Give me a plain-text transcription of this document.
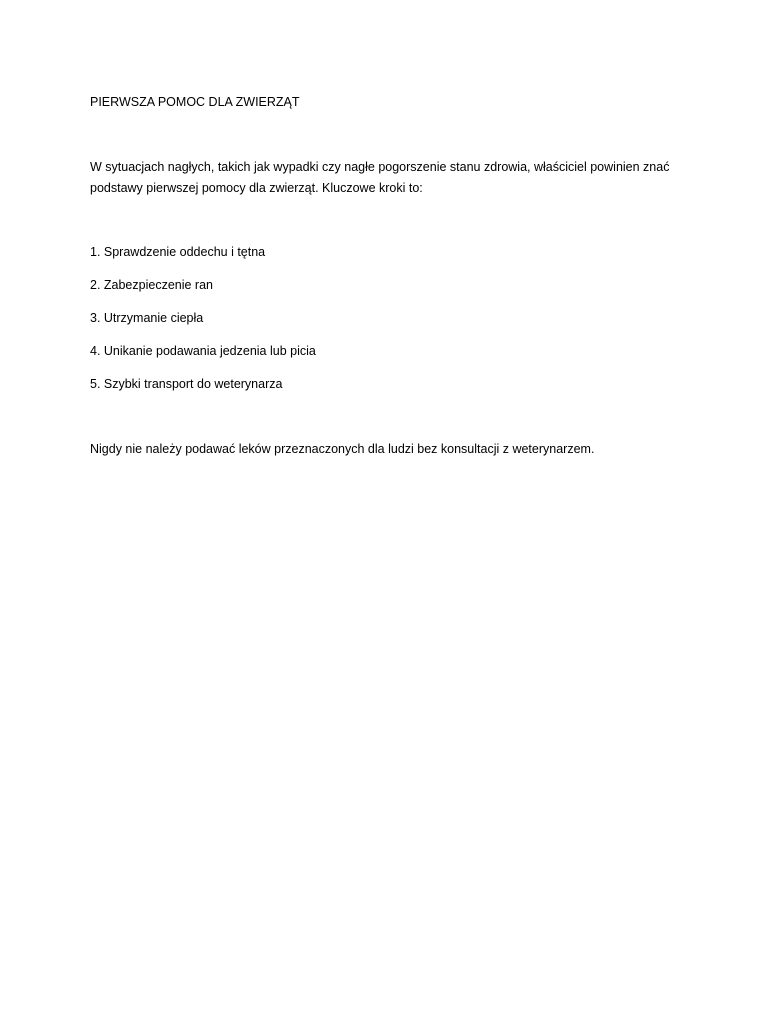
PIERWSZA POMOC DLA ZWIERZĄT

W sytuacjach nagłych, takich jak wypadki czy nagłe pogorszenie stanu zdrowia, właściciel powinien znać

podstawy pierwszej pomocy dla zwierząt. Kluczowe kroki to:

1. Sprawdzenie oddechu i tętna

2. Zabezpieczenie ran

3. Utrzymanie ciepła

4. Unikanie podawania jedzenia lub picia

5. Szybki transport do weterynarza

Nigdy nie należy podawać leków przeznaczonych dla ludzi bez konsultacji z weterynarzem.
